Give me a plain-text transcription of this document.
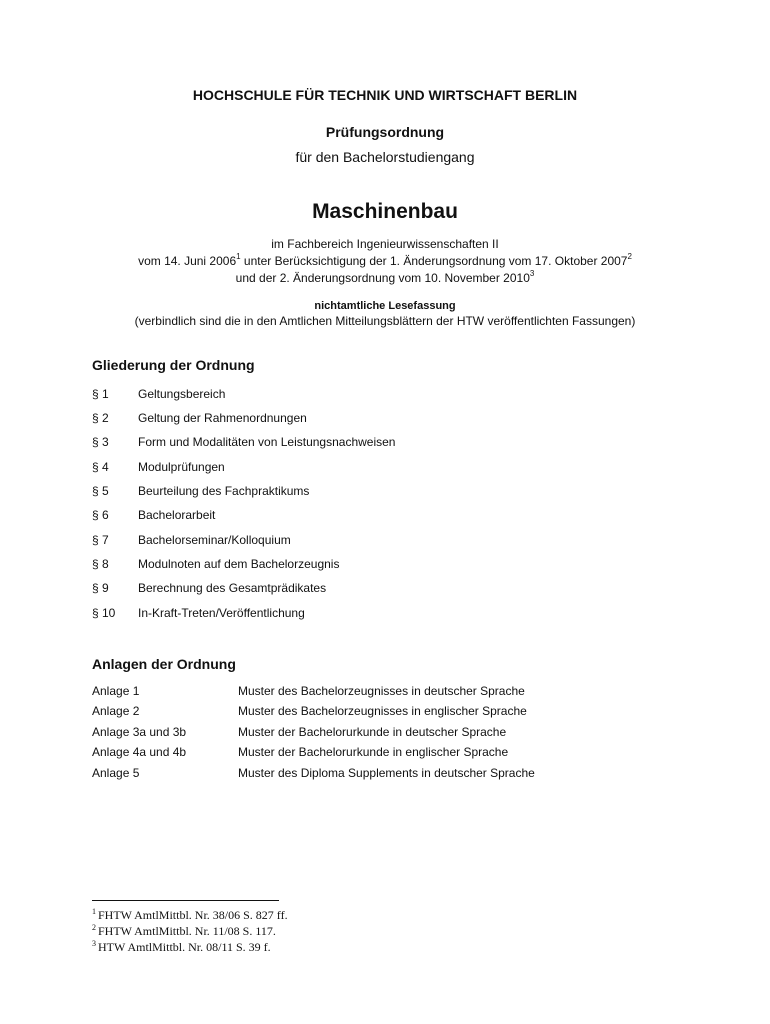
HOCHSCHULE FÜR TECHNIK UND WIRTSCHAFT BERLIN
Prüfungsordnung
für den Bachelorstudiengang
Maschinenbau
im Fachbereich Ingenieurwissenschaften II
vom 14. Juni 2006$^1$ unter Berücksichtigung der 1. Änderungsordnung vom 17. Oktober 2007$^2$
und der 2. Änderungsordnung vom 10. November 2010$^3$
nichtamtliche Lesefassung
(verbindlich sind die in den Amtlichen Mitteilungsblättern der HTW veröffentlichten Fassungen)
Gliederung der Ordnung
§ 1	Geltungsbereich
§ 2	Geltung der Rahmenordnungen
§ 3	Form und Modalitäten von Leistungsnachweisen
§ 4	Modulprüfungen
§ 5	Beurteilung des Fachpraktikums
§ 6	Bachelorarbeit
§ 7	Bachelorseminar/Kolloquium
§ 8	Modulnoten auf dem Bachelorzeugnis
§ 9	Berechnung des Gesamtprädikates
§ 10	In-Kraft-Treten/Veröffentlichung
Anlagen der Ordnung
Anlage 1	Muster des Bachelorzeugnisses in deutscher Sprache
Anlage 2	Muster des Bachelorzeugnisses in englischer Sprache
Anlage 3a und 3b	Muster der Bachelorurkunde in deutscher Sprache
Anlage 4a und 4b	Muster der Bachelorurkunde in englischer Sprache
Anlage 5	Muster des Diploma Supplements in deutscher Sprache
$^1$ FHTW AmtlMittbl. Nr. 38/06 S. 827 ff.
$^2$ FHTW AmtlMittbl. Nr. 11/08 S. 117.
$^3$ HTW AmtlMittbl. Nr. 08/11 S. 39 f.
